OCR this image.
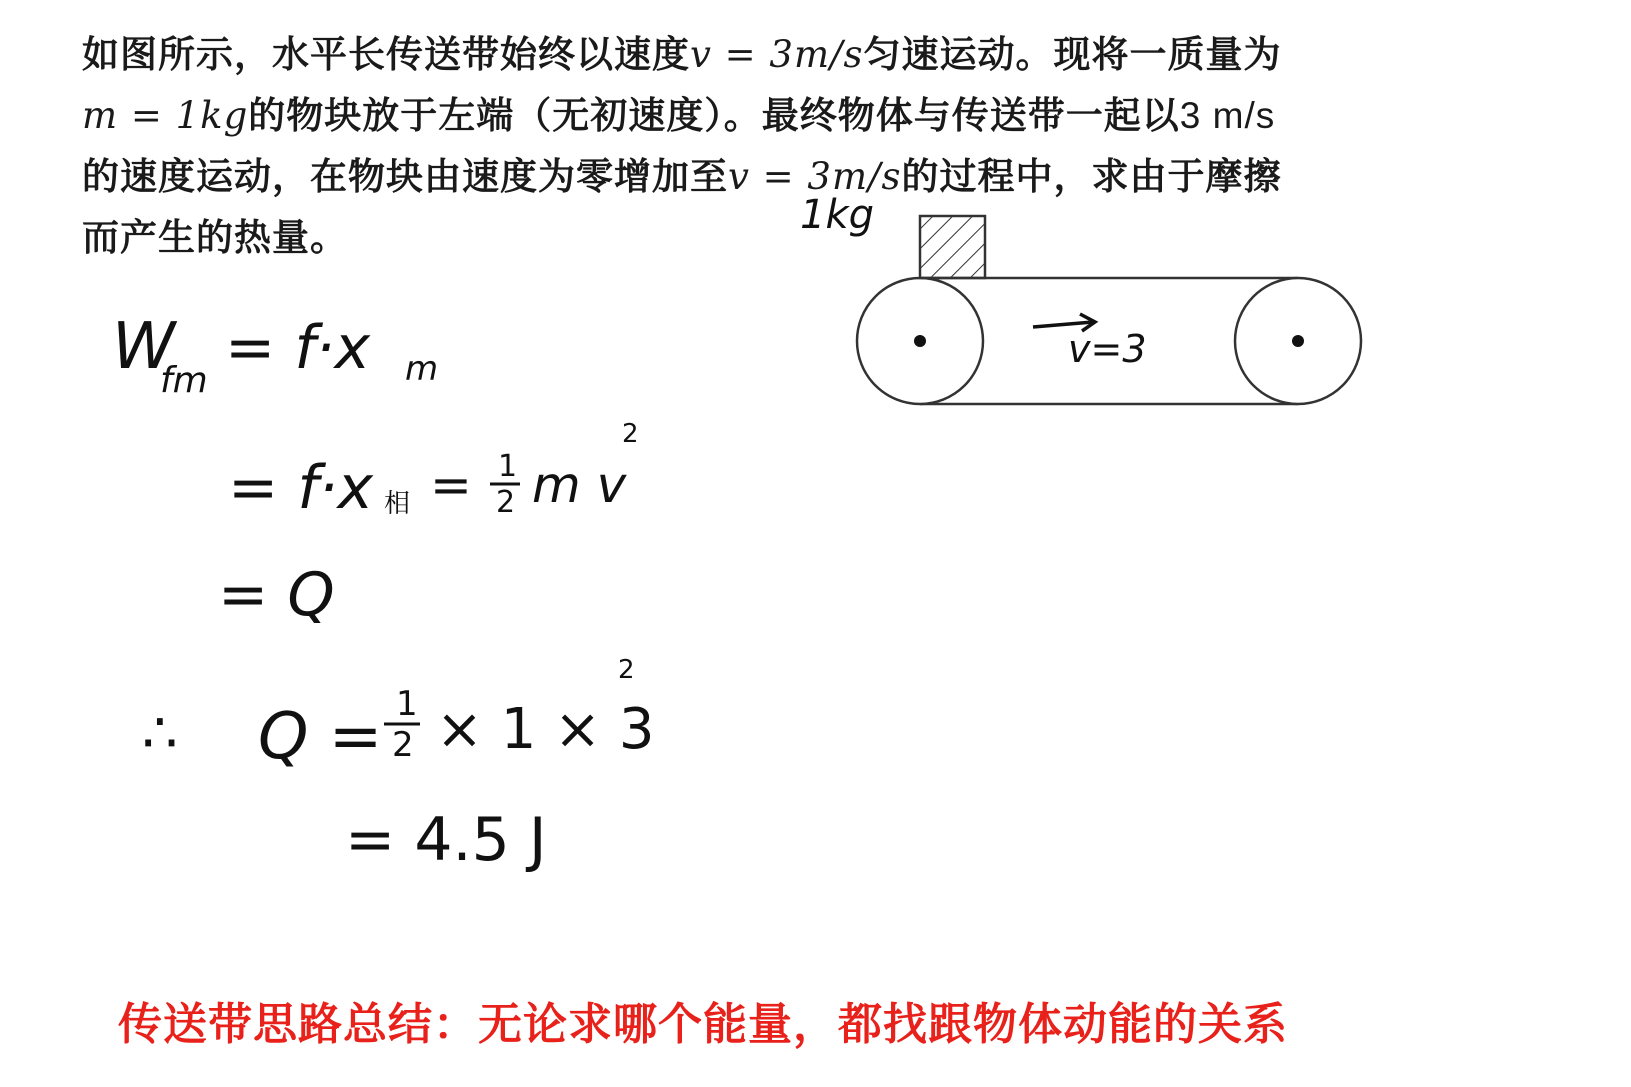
如图所示，水平长传送带始终以速度v = 3m/s匀速运动。现将一质量为
m = 1kg的物块放于左端（无初速度）。最终物体与传送带一起以3 m/s
的速度运动，在物块由速度为零增加至v = 3m/s的过程中，求由于摩擦
而产生的热量。	1kg
v=3
W
fm = f·x m
= f·x 相 = 1
2 m v
2
= Q
∴ Q = 1
2 × 1 × 3
2
= 4.5 J
传送带思路总结：无论求哪个能量，都找跟物体动能的关系
